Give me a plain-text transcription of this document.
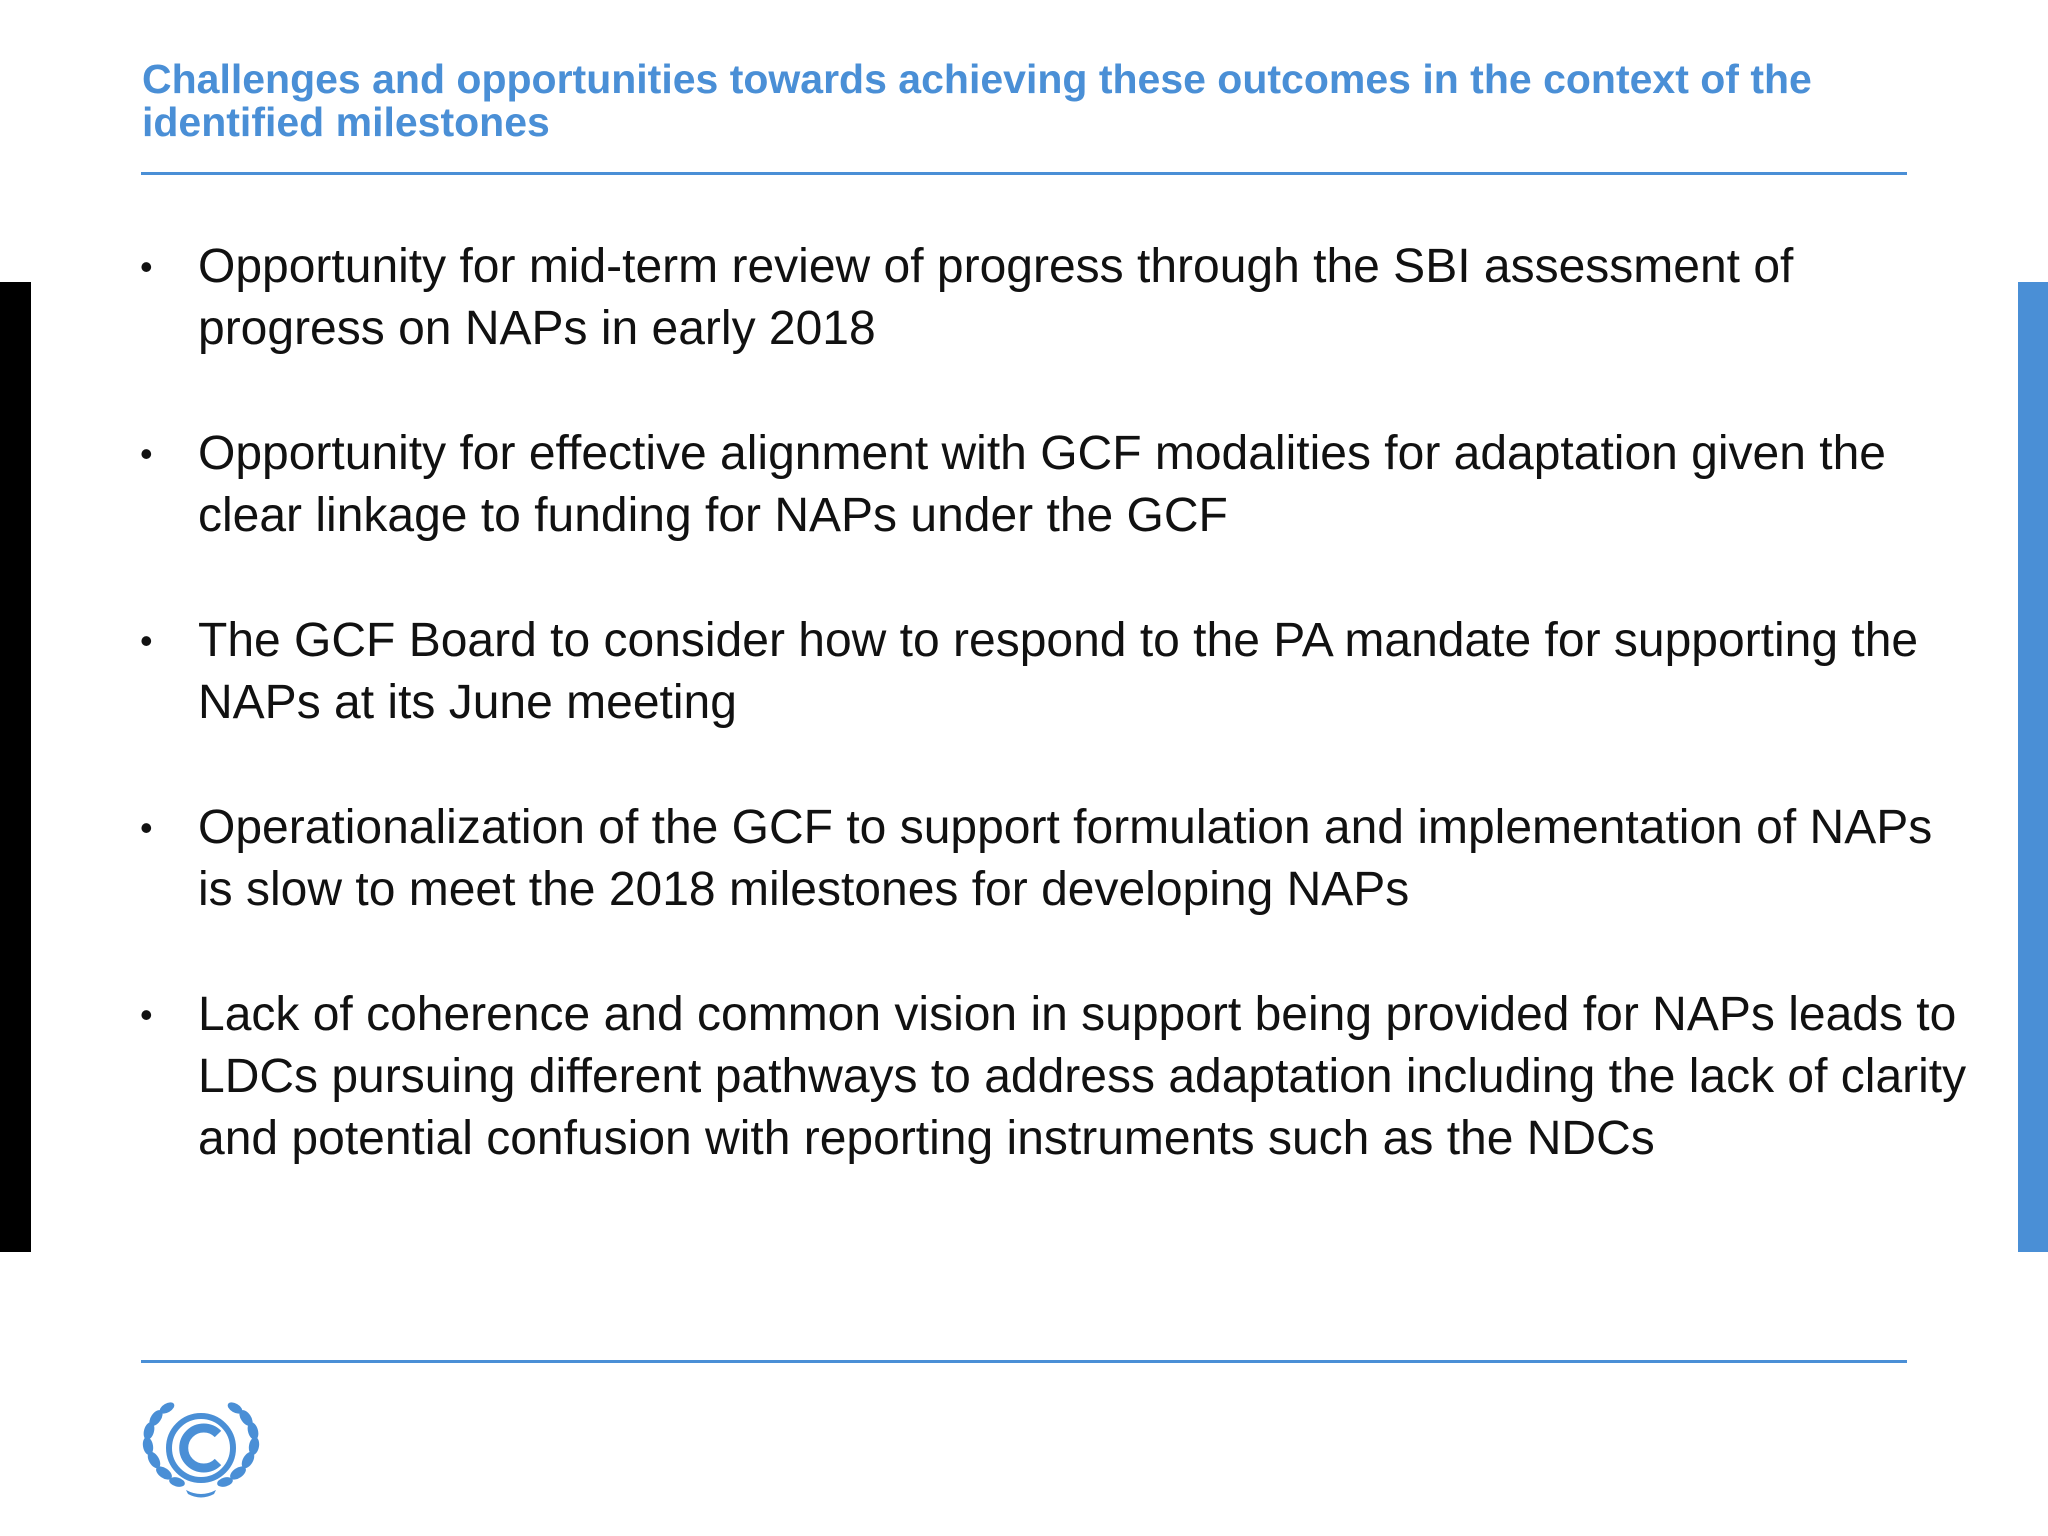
Challenges and opportunities towards achieving these outcomes in the context of the identified milestones
• Opportunity for mid-term review of progress through the SBI assessment of progress on NAPs in early 2018
• Opportunity for effective alignment with GCF modalities for adaptation given the clear linkage to funding for NAPs under the GCF
• The GCF Board to consider how to respond to the PA mandate for supporting the NAPs at its June meeting
• Operationalization of the GCF to support formulation and implementation of NAPs is slow to meet the 2018 milestones for developing NAPs
• Lack of coherence and common vision in support being provided for NAPs leads to LDCs pursuing different pathways to address adaptation including the lack of clarity and potential confusion with reporting instruments such as the NDCs
